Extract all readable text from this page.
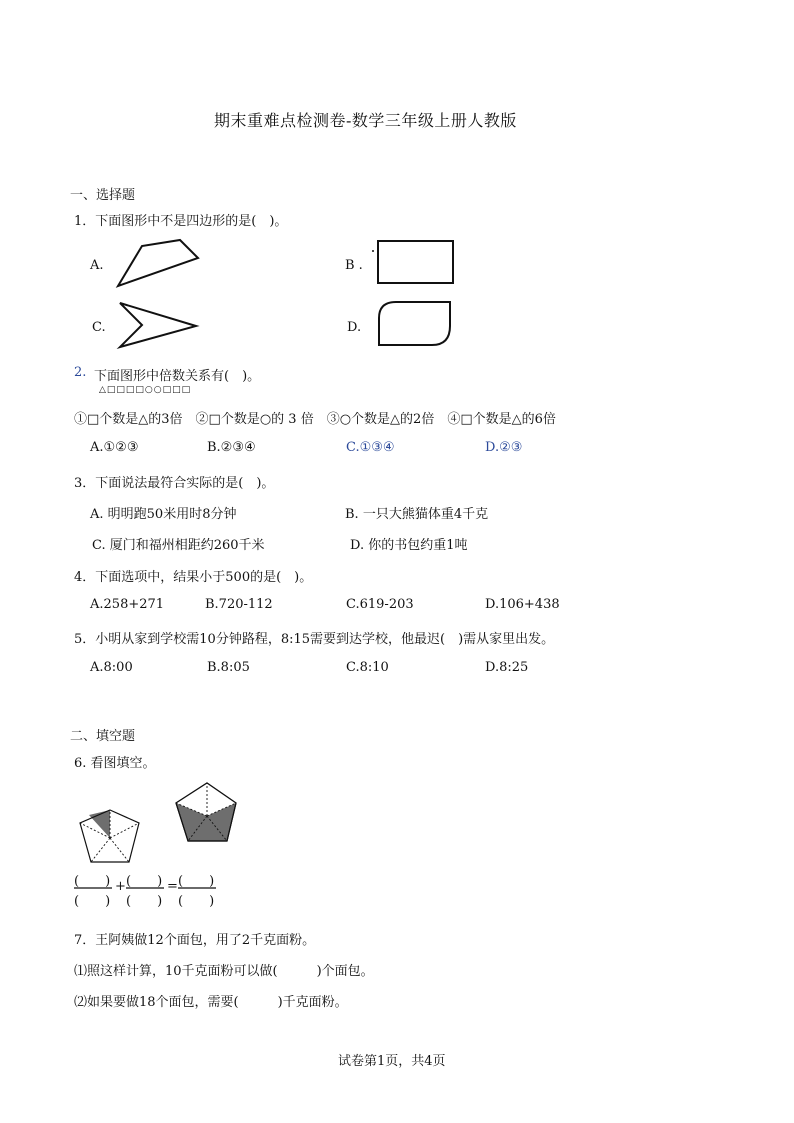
期末重难点检测卷-数学三年级上册人教版
一、选择题
1．下面图形中不是四边形的是(　)。
A.	B .
C.	D.
2. 下面图形中倍数关系有(　)。
△□□□□○○□□□
①□个数是△的3倍　②□个数是○的 3 倍　③○个数是△的2倍　④□个数是△的6倍
A.①②③	B.②③④	C.①③④	D.②③
3．下面说法最符合实际的是(　)。
A. 明明跑50米用时8分钟	B. 一只大熊猫体重4千克
C. 厦门和福州相距约260千米	D. 你的书包约重1吨
4．下面选项中，结果小于500的是(　)。
A.258+271	B.720-112	C.619-203	D.106+438
5．小明从家到学校需10分钟路程，8:15需要到达学校，他最迟(　)需从家里出发。
A.8:00	B.8:05	C.8:10	D.8:25
二、填空题
6. 看图填空。
(　　)
(　　)
+ (　　)
(　　)
= (　　)
(　　)
7．王阿姨做12个面包，用了2千克面粉。
⑴照这样计算，10千克面粉可以做(　　　)个面包。
⑵如果要做18个面包，需要(　　　)千克面粉。
试卷第1页，共4页
